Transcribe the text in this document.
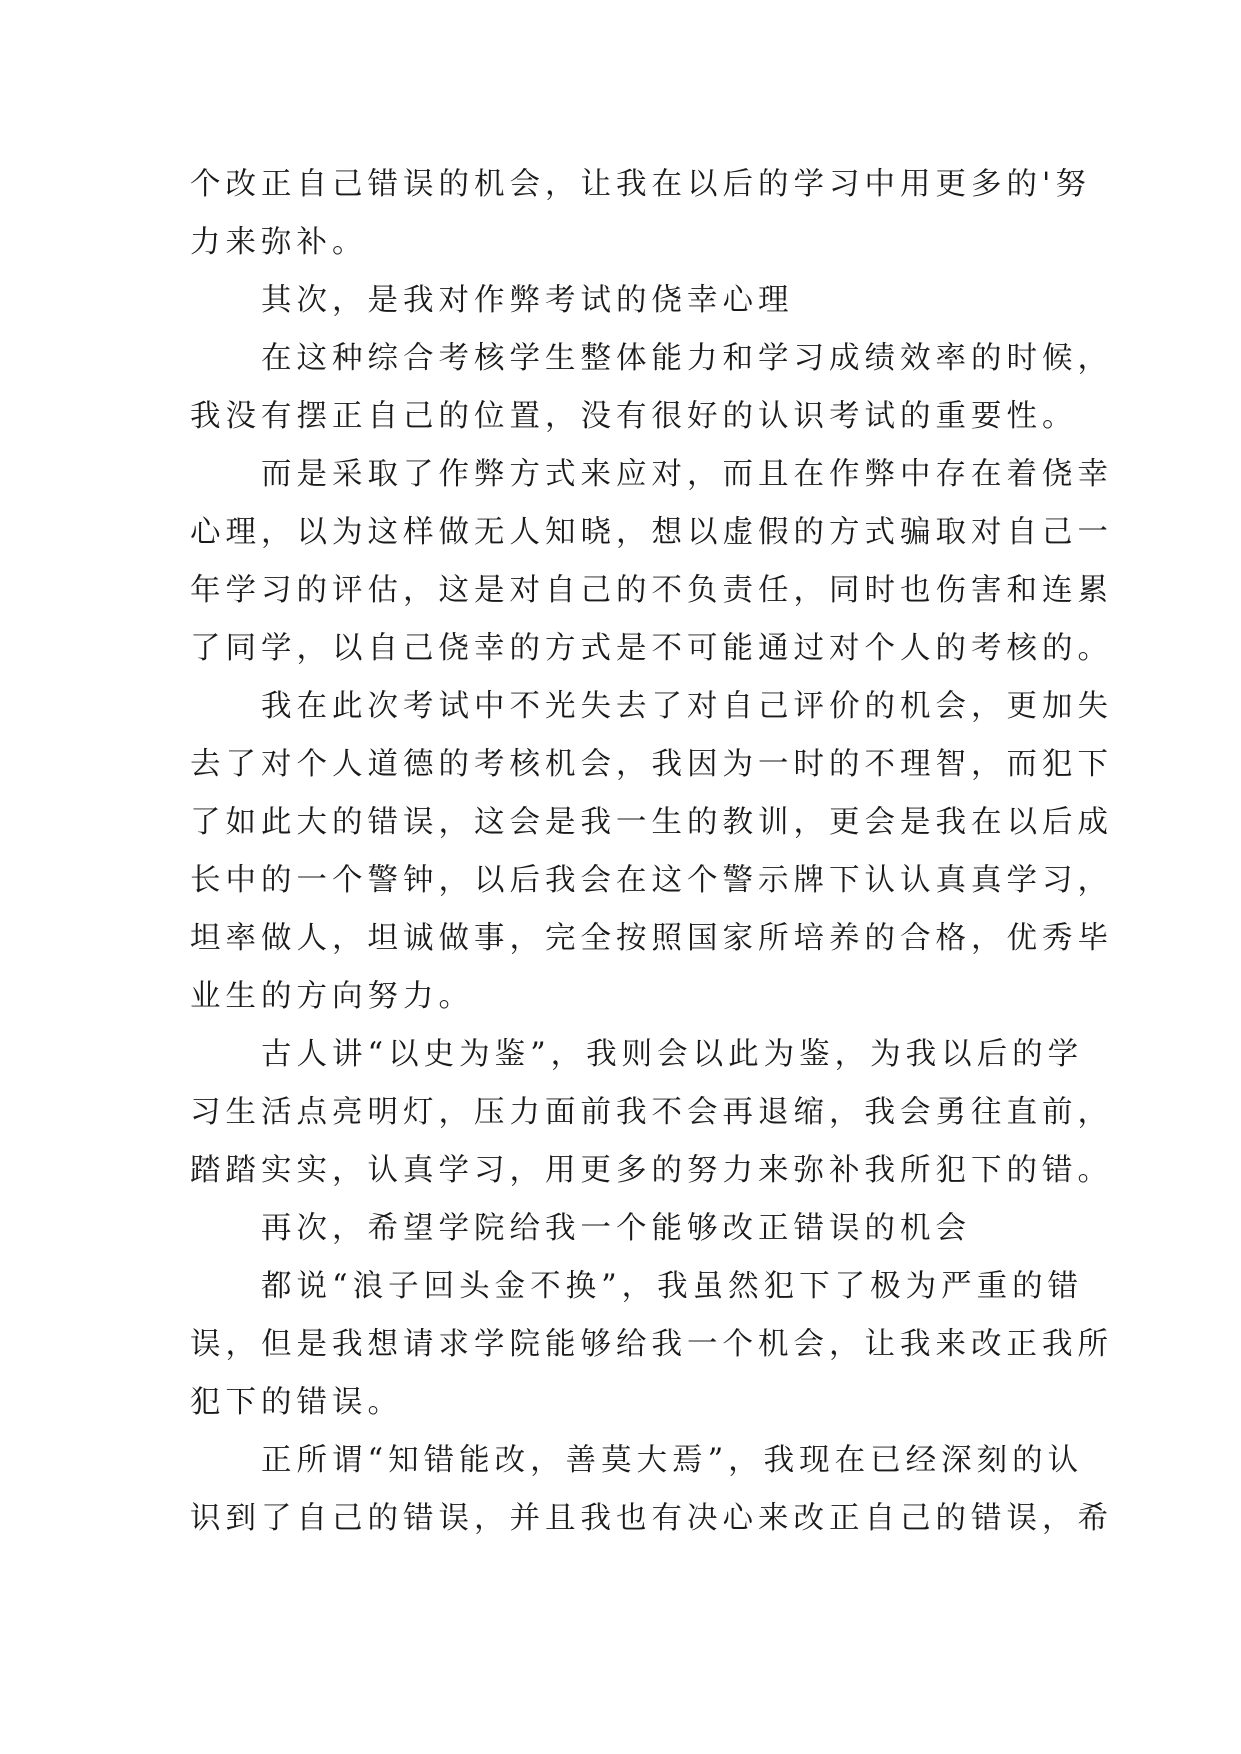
个改正自己错误的机会，让我在以后的学习中用更多的'努
力来弥补。
　　其次，是我对作弊考试的侥幸心理
　　在这种综合考核学生整体能力和学习成绩效率的时候，
我没有摆正自己的位置，没有很好的认识考试的重要性。
　　而是采取了作弊方式来应对，而且在作弊中存在着侥幸
心理，以为这样做无人知晓，想以虚假的方式骗取对自己一
年学习的评估，这是对自己的不负责任，同时也伤害和连累
了同学，以自己侥幸的方式是不可能通过对个人的考核的。
　　我在此次考试中不光失去了对自己评价的机会，更加失
去了对个人道德的考核机会，我因为一时的不理智，而犯下
了如此大的错误，这会是我一生的教训，更会是我在以后成
长中的一个警钟，以后我会在这个警示牌下认认真真学习，
坦率做人，坦诚做事，完全按照国家所培养的合格，优秀毕
业生的方向努力。
　　古人讲“以史为鉴”，我则会以此为鉴，为我以后的学
习生活点亮明灯，压力面前我不会再退缩，我会勇往直前，
踏踏实实，认真学习，用更多的努力来弥补我所犯下的错。
　　再次，希望学院给我一个能够改正错误的机会
　　都说“浪子回头金不换”，我虽然犯下了极为严重的错
误，但是我想请求学院能够给我一个机会，让我来改正我所
犯下的错误。
　　正所谓“知错能改，善莫大焉”，我现在已经深刻的认
识到了自己的错误，并且我也有决心来改正自己的错误，希
